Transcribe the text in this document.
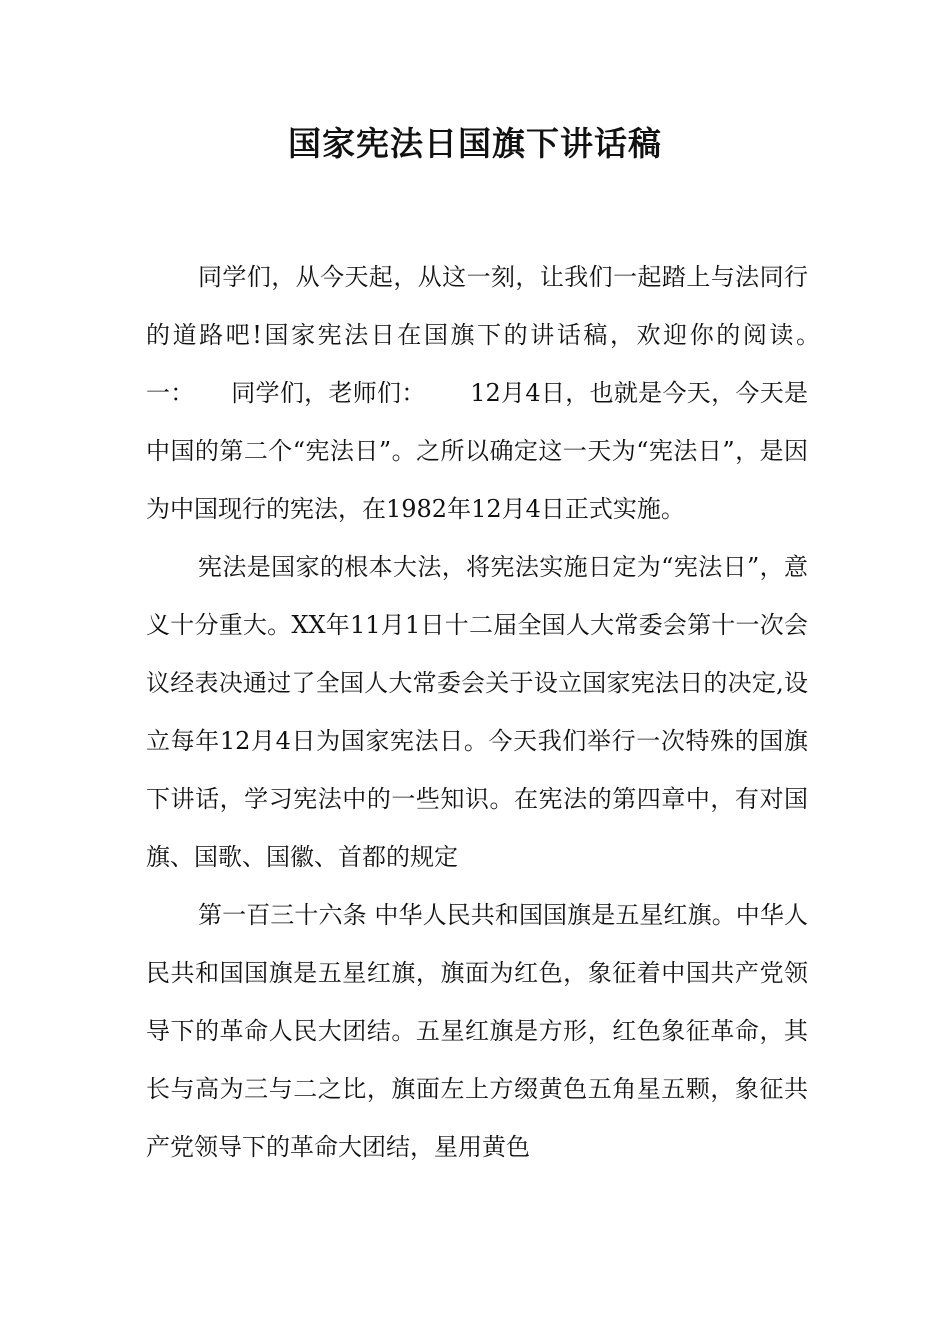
国家宪法日国旗下讲话稿

同学们，从今天起，从这一刻，让我们一起踏上与法同行的道路吧!国家宪法日在国旗下的讲话稿，欢迎你的阅读。　　一：　　同学们，老师们：　　 12月4日，也就是今天，今天是中国的第二个“宪法日”。之所以确定这一天为“宪法日”，是因为中国现行的宪法，在1982年12月4日正式实施。

宪法是国家的根本大法，将宪法实施日定为“宪法日”，意义十分重大。XX年11月1日十二届全国人大常委会第十一次会议经表决通过了全国人大常委会关于设立国家宪法日的决定,设立每年12月4日为国家宪法日。今天我们举行一次特殊的国旗下讲话，学习宪法中的一些知识。在宪法的第四章中，有对国旗、国歌、国徽、首都的规定

第一百三十六条 中华人民共和国国旗是五星红旗。中华人民共和国国旗是五星红旗，旗面为红色，象征着中国共产党领导下的革命人民大团结。五星红旗是方形，红色象征革命，其长与高为三与二之比，旗面左上方缀黄色五角星五颗，象征共产党领导下的革命大团结，星用黄色
